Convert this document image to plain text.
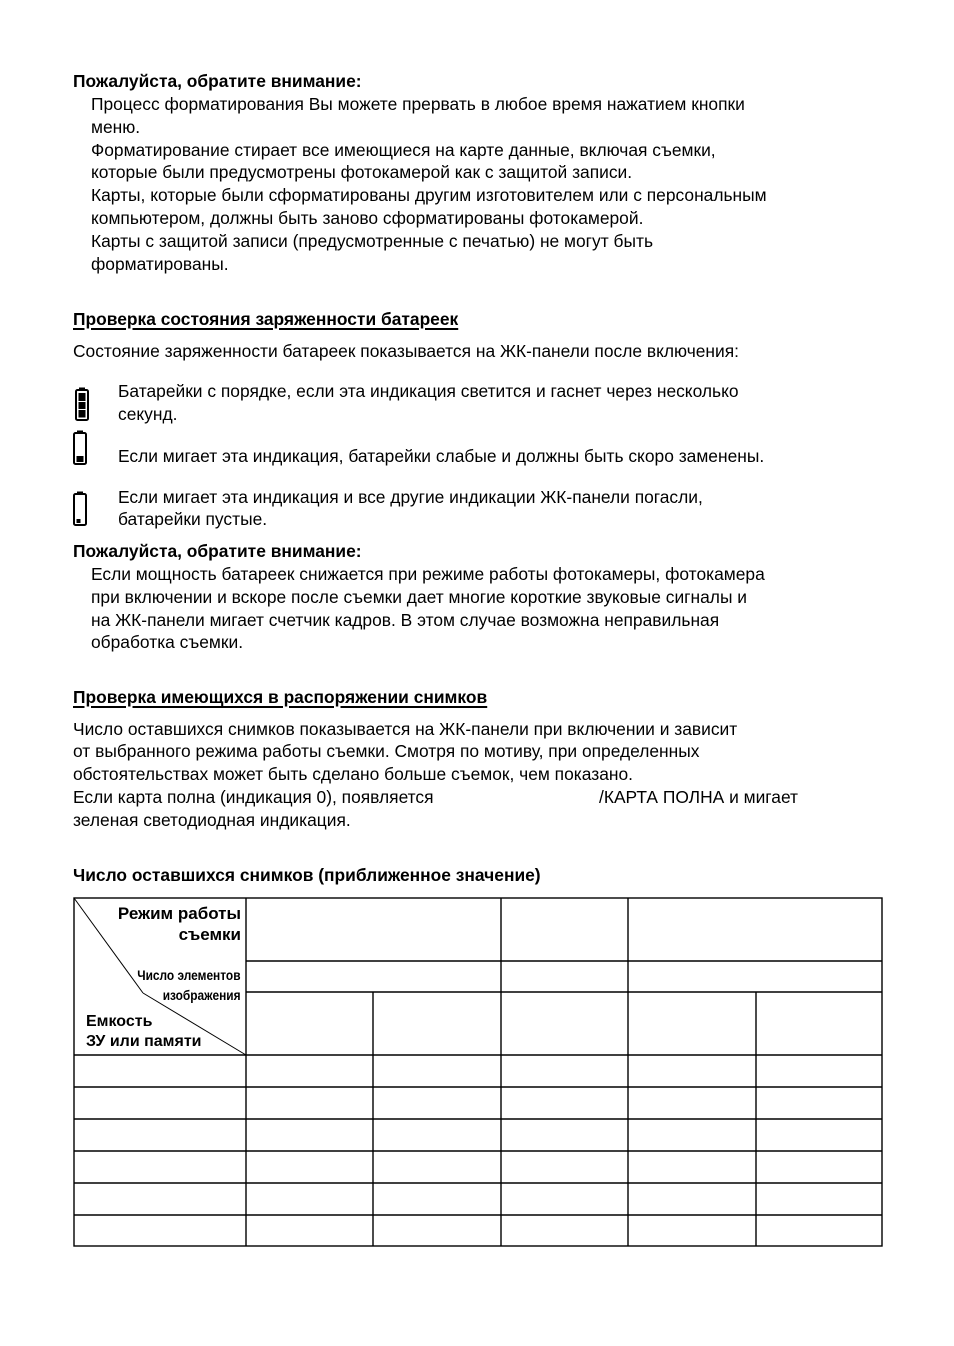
Пожалуйста, обратите внимание:
Процесс форматирования Вы можете прервать в любое время нажатием кнопки
меню.
Форматирование стирает все имеющиеся на карте данные, включая съемки,
которые были предусмотрены фотокамерой как с защитой записи.
Карты, которые были сформатированы другим изготовителем или с персональным
компьютером, должны быть заново сформатированы фотокамерой.
Карты с защитой записи (предусмотренные с печатью) не могут быть
форматированы.
Проверка состояния заряженности батареек
Состояние заряженности батареек показывается на ЖК-панели после включения:
Батарейки с порядке, если эта индикация светится и гаснет через несколько
секунд.
Если мигает эта индикация, батарейки слабые и должны быть скоро заменены.
Если мигает эта индикация и все другие индикации ЖК-панели погасли,
батарейки пустые.
Пожалуйста, обратите внимание:
Если мощность батареек снижается при режиме работы фотокамеры, фотокамера
при включении и вскоре после съемки дает многие короткие звуковые сигналы и
на ЖК-панели мигает счетчик кадров. В этом случае возможна неправильная
обработка съемки.
Проверка имеющихся в распоряжении снимков
Число оставшихся снимков показывается на ЖК-панели при включении и зависит
от выбранного режима работы съемки. Смотря по мотиву, при определенных
обстоятельствах может быть сделано больше съемок, чем показано.
Если карта полна (индикация 0), появляется	/КАРТА ПОЛНА и мигает
зеленая светодиодная индикация.
Число оставшихся снимков (приближенное значение)
Режим работы
съемки
Число элементов
изображения
Емкость
ЗУ или памяти
